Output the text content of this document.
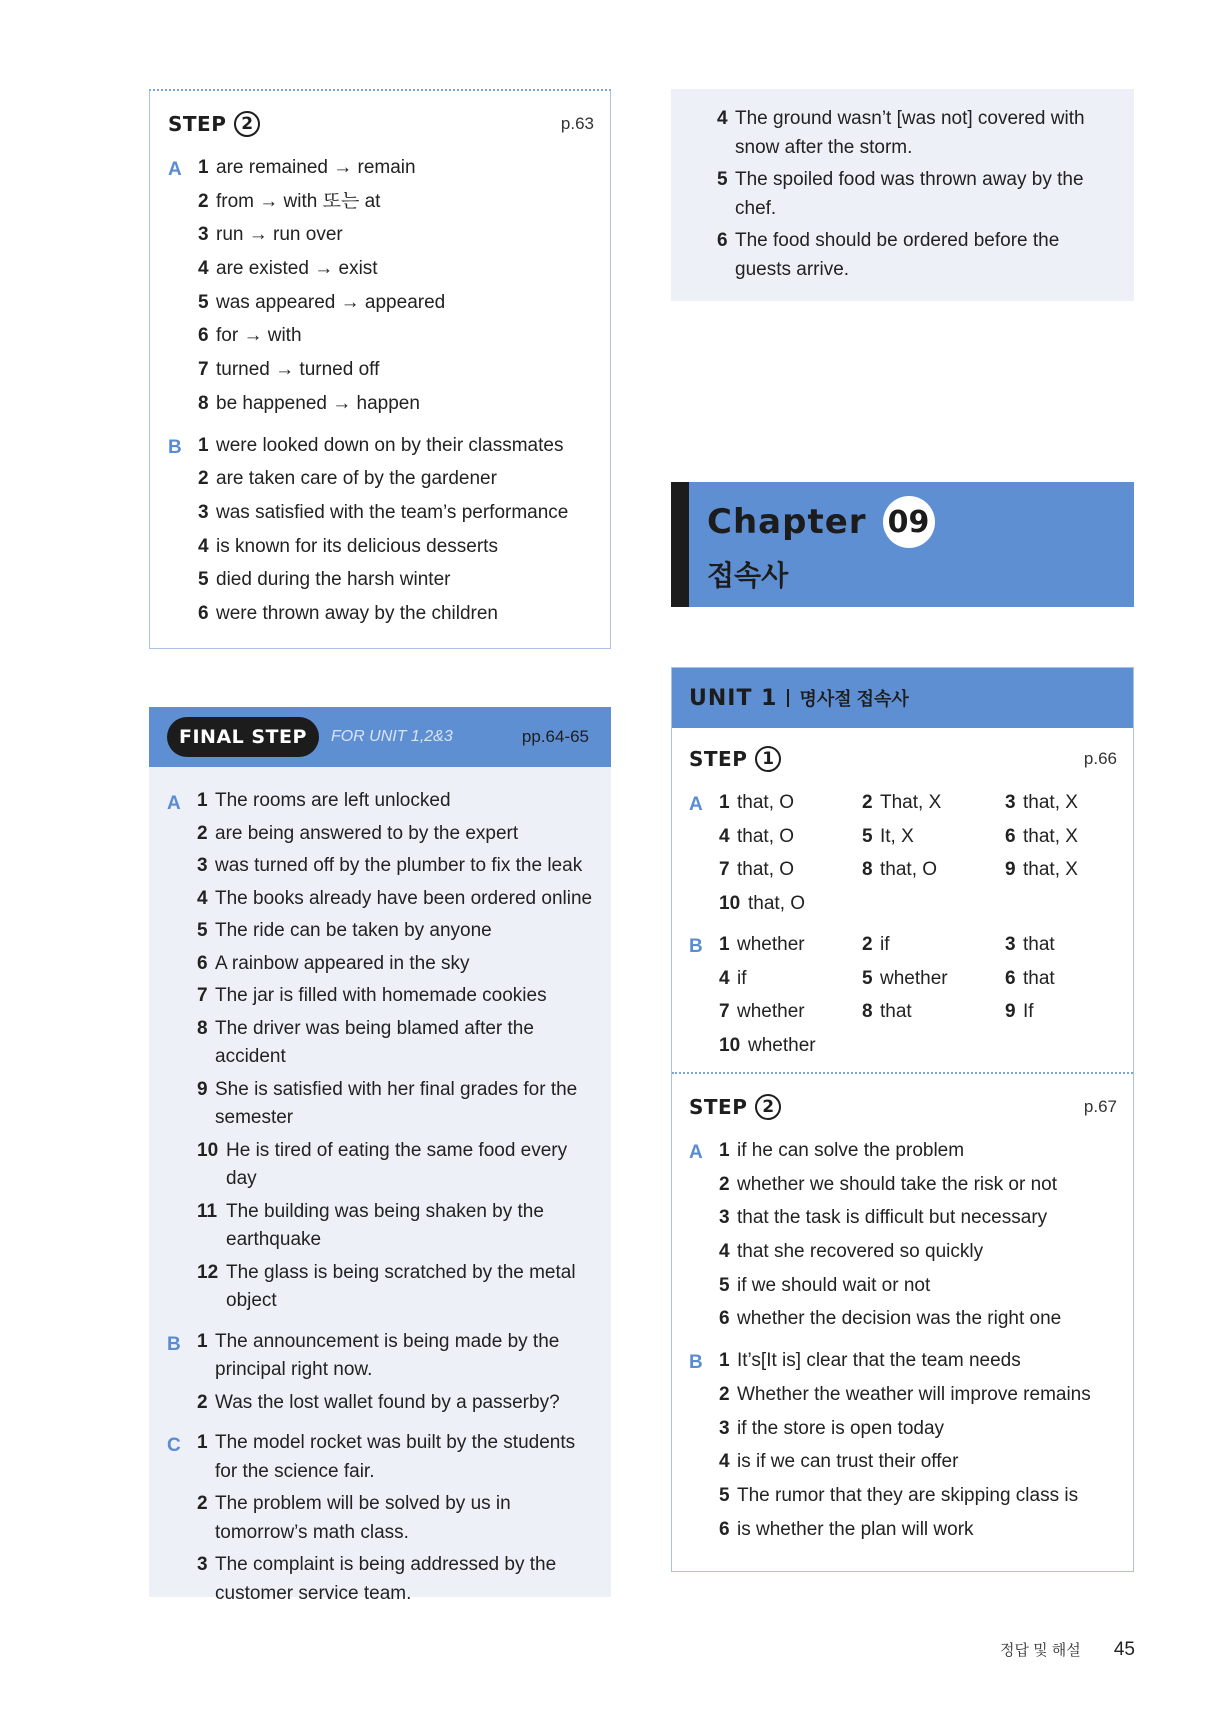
STEP 2	p.63
A 1 are remained → remain
2 from → with 또는 at
3 run → run over
4 are existed → exist
5 was appeared → appeared
6 for → with
7 turned → turned off
8 be happened → happen
B 1 were looked down on by their classmates
2 are taken care of by the gardener
3 was satisfied with the team’s performance
4 is known for its delicious desserts
5 died during the harsh winter
6 were thrown away by the children
FINAL STEP	FOR UNIT 1,2&3	pp.64-65
A 1 The rooms are left unlocked
2 are being answered to by the expert
3 was turned off by the plumber to fix the leak
4 The books already have been ordered online
5 The ride can be taken by anyone
6 A rainbow appeared in the sky
7 The jar is filled with homemade cookies
8 The driver was being blamed after the accident
9 She is satisfied with her final grades for the semester
10 He is tired of eating the same food every day
11 The building was being shaken by the earthquake
12 The glass is being scratched by the metal object
B 1 The announcement is being made by the principal right now.
2 Was the lost wallet found by a passerby?
C 1 The model rocket was built by the students for the science fair.
2 The problem will be solved by us in tomorrow’s math class.
3 The complaint is being addressed by the customer service team.
4 The ground wasn’t [was not] covered with snow after the storm.
5 The spoiled food was thrown away by the chef.
6 The food should be ordered before the guests arrive.
Chapter 09
접속사
UNIT 1 명사절 접속사
STEP 1	p.66
A 1 that, O	2 That, X	3 that, X
4 that, O	5 It, X	6 that, X
7 that, O	8 that, O	9 that, X
10 that, O
B 1 whether	2 if	3 that
4 if	5 whether	6 that
7 whether	8 that	9 If
10 whether
STEP 2	p.67
A 1 if he can solve the problem
2 whether we should take the risk or not
3 that the task is difficult but necessary
4 that she recovered so quickly
5 if we should wait or not
6 whether the decision was the right one
B 1 It’s[It is] clear that the team needs
2 Whether the weather will improve remains
3 if the store is open today
4 is if we can trust their offer
5 The rumor that they are skipping class is
6 is whether the plan will work
정답 및 해설 45
